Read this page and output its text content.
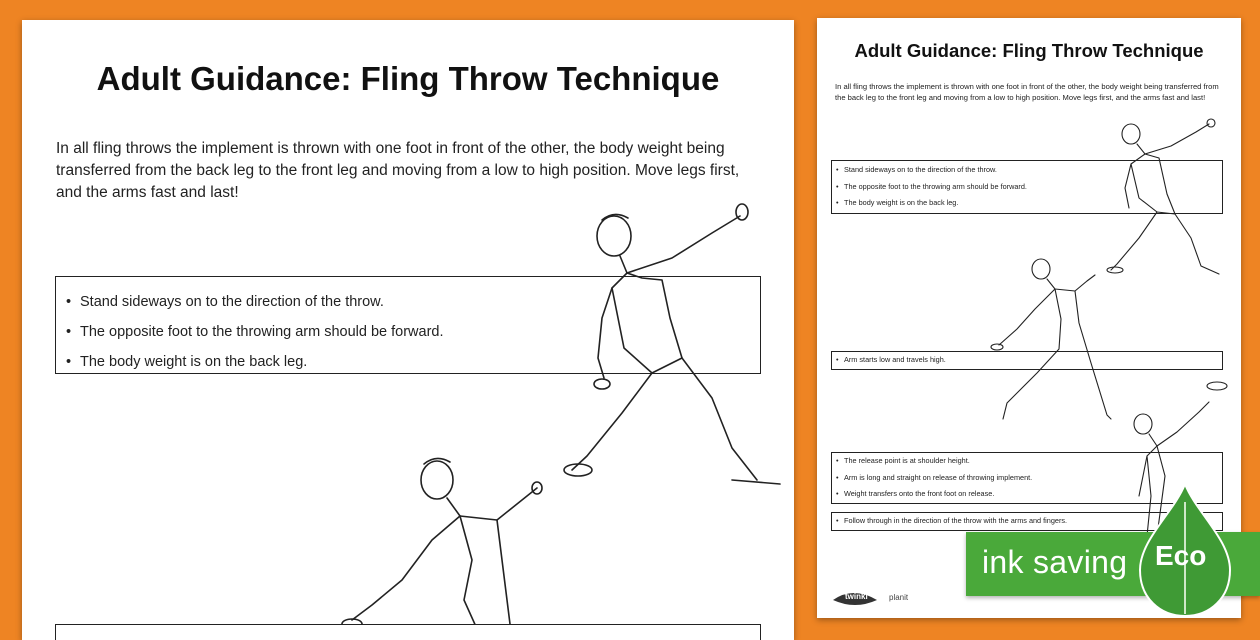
Adult Guidance: Fling Throw Technique

In all fling throws the implement is thrown with one foot in front of the other, the body weight being transferred from the back leg to the front leg and moving from a low to high position. Move legs first, and the arms fast and last!

• Stand sideways on to the direction of the throw.
• The opposite foot to the throwing arm should be forward.
• The body weight is on the back leg.
Adult Guidance: Fling Throw Technique

In all fling throws the implement is thrown with one foot in front of the other, the body weight being transferred from the back leg to the front leg and moving from a low to high position. Move legs first, and the arms fast and last!

• Stand sideways on to the direction of the throw.
• The opposite foot to the throwing arm should be forward.
• The body weight is on the back leg.
• Arm starts low and travels high.
• The release point is at shoulder height.
• Arm is long and straight on release of throwing implement.
• Weight transfers onto the front foot on release.
• Follow through in the direction of the throw with the arms and fingers.
twinkl	planit
ink saving Eco
